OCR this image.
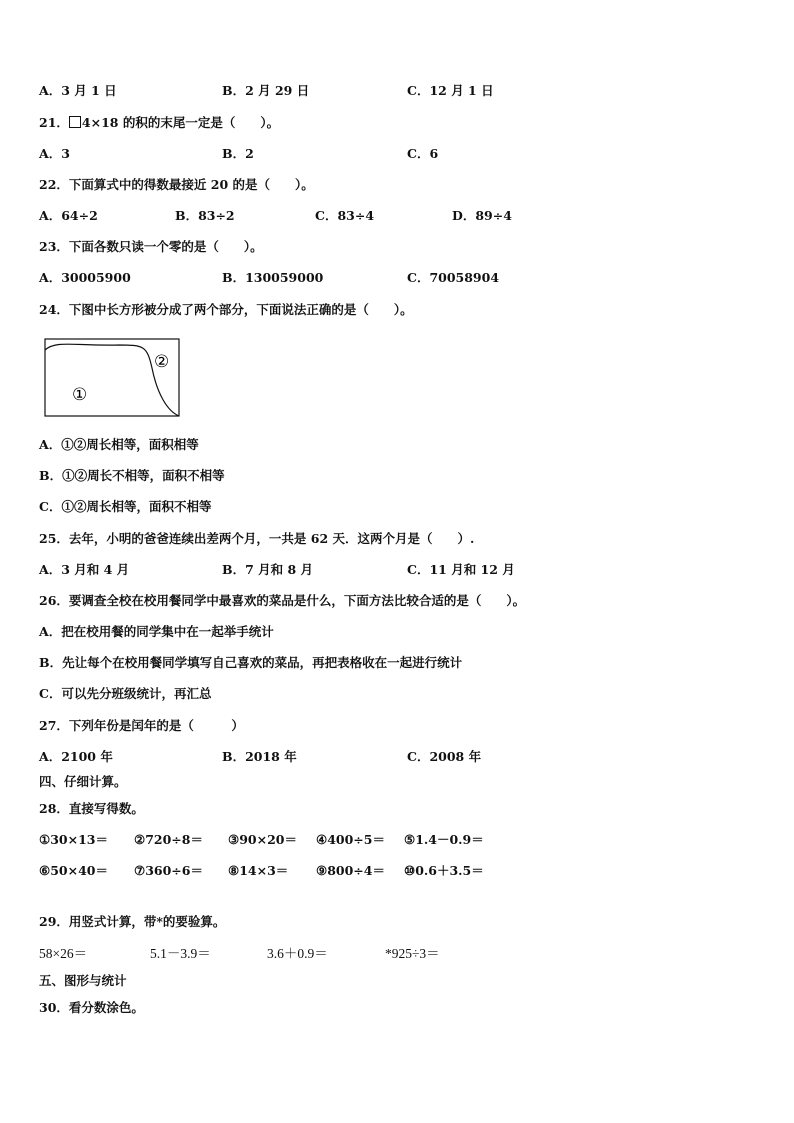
A．3 月 1 日	B．2 月 29 日	C．12 月 1 日
21． 4×18 的积的末尾一定是（　　）。
A．3	B．2	C．6
22．下面算式中的得数最接近 20 的是（　　）。
A．64÷2	B．83÷2	C．83÷4	D．89÷4
23．下面各数只读一个零的是（　　）。
A．30005900	B．130059000	C．70058904
24．下图中长方形被分成了两个部分，下面说法正确的是（　　）。
①
②
A．①②周长相等，面积相等
B．①②周长不相等，面积不相等
C．①②周长相等，面积不相等
25．去年，小明的爸爸连续出差两个月，一共是 62 天．这两个月是（　　）.
A．3 月和 4 月	B．7 月和 8 月	C．11 月和 12 月
26．要调查全校在校用餐同学中最喜欢的菜品是什么，下面方法比较合适的是（　　）。
A．把在校用餐的同学集中在一起举手统计
B．先让每个在校用餐同学填写自己喜欢的菜品，再把表格收在一起进行统计
C．可以先分班级统计，再汇总
27．下列年份是闰年的是（　　　）
A．2100 年	B．2018 年	C．2008 年
四、仔细计算。
28．直接写得数。
①30×13＝ ②720÷8＝ ③90×20＝ ④400÷5＝ ⑤1.4－0.9＝
⑥50×40＝ ⑦360÷6＝ ⑧14×3＝ ⑨800÷4＝ ⑩0.6＋3.5＝
29．用竖式计算，带*的要验算。
58×26＝	5.1－3.9＝	3.6＋0.9＝	*925÷3＝
五、图形与统计
30．看分数涂色。
